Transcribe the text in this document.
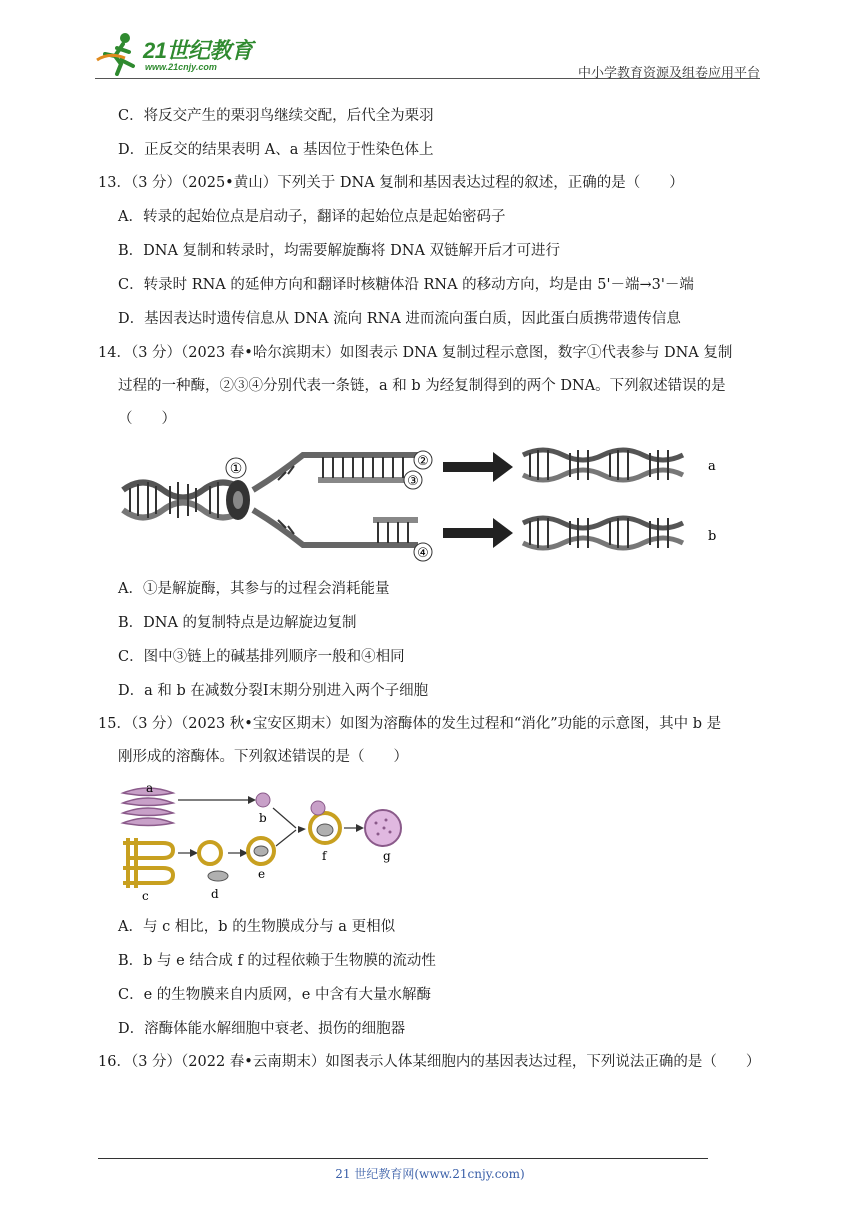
21世纪教育
www.21cnjy.com	中小学教育资源及组卷应用平台
C．将反交产生的栗羽鸟继续交配，后代全为栗羽
D．正反交的结果表明 A、a 基因位于性染色体上
13．（3 分）（2025•黄山）下列关于 DNA 复制和基因表达过程的叙述，正确的是（　　）
A．转录的起始位点是启动子，翻译的起始位点是起始密码子
B．DNA 复制和转录时，均需要解旋酶将 DNA 双链解开后才可进行
C．转录时 RNA 的延伸方向和翻译时核糖体沿 RNA 的移动方向，均是由 5'－端→3'－端
D．基因表达时遗传信息从 DNA 流向 RNA 进而流向蛋白质，因此蛋白质携带遗传信息
14．（3 分）（2023 春•哈尔滨期末）如图表示 DNA 复制过程示意图，数字①代表参与 DNA 复制
过程的一种酶，②③④分别代表一条链，a 和 b 为经复制得到的两个 DNA。下列叙述错误的是
（　　）
①	②
③
④
a
b
A．①是解旋酶，其参与的过程会消耗能量
B．DNA 的复制特点是边解旋边复制
C．图中③链上的碱基排列顺序一般和④相同
D．a 和 b 在减数分裂Ⅰ末期分别进入两个子细胞
15．（3 分）（2023 秋•宝安区期末）如图为溶酶体的发生过程和“消化”功能的示意图，其中 b 是
刚形成的溶酶体。下列叙述错误的是（　　）
a
b
c	d
e
f	g
A．与 c 相比，b 的生物膜成分与 a 更相似
B．b 与 e 结合成 f 的过程依赖于生物膜的流动性
C．e 的生物膜来自内质网，e 中含有大量水解酶
D．溶酶体能水解细胞中衰老、损伤的细胞器
16．（3 分）（2022 春•云南期末）如图表示人体某细胞内的基因表达过程，下列说法正确的是（　　）
21 世纪教育网(www.21cnjy.com)
